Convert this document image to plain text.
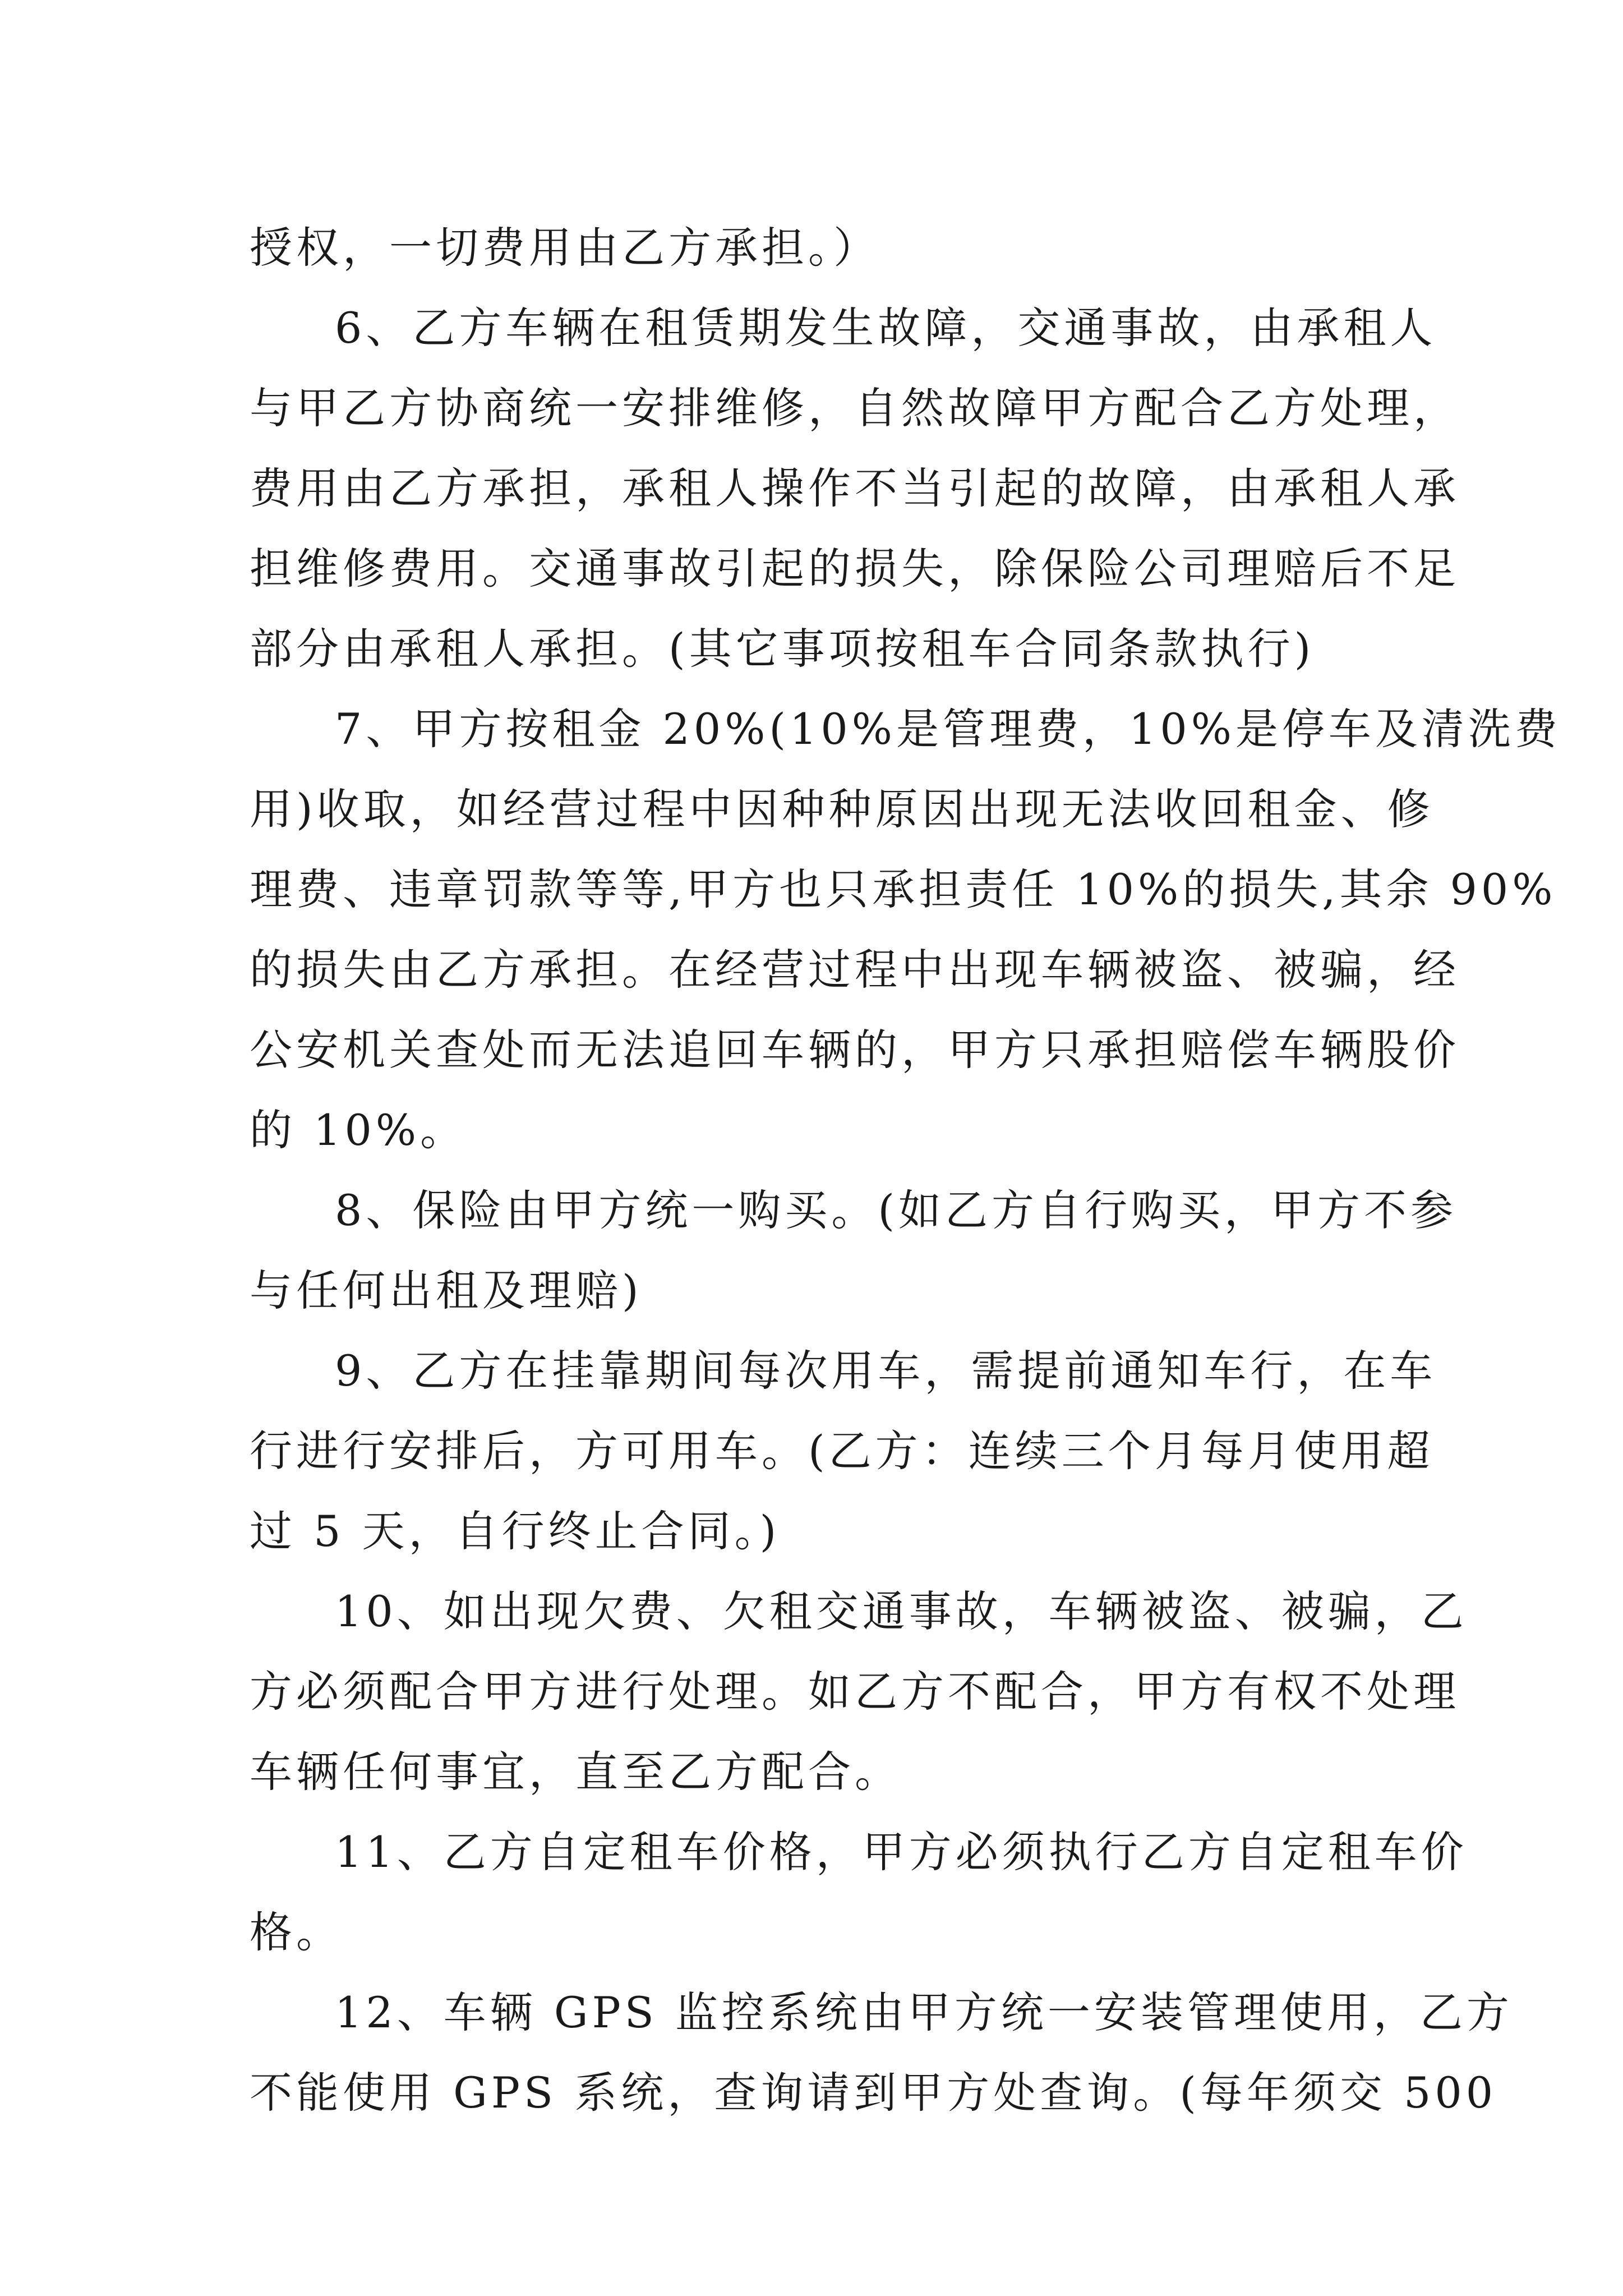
授权，一切费用由乙方承担。）
6、乙方车辆在租赁期发生故障，交通事故，由承租人
与甲乙方协商统一安排维修，自然故障甲方配合乙方处理，
费用由乙方承担，承租人操作不当引起的故障，由承租人承
担维修费用。交通事故引起的损失，除保险公司理赔后不足
部分由承租人承担。(其它事项按租车合同条款执行)
7、甲方按租金 20%(10%是管理费，10%是停车及清洗费
用)收取，如经营过程中因种种原因出现无法收回租金、修
理费、违章罚款等等,甲方也只承担责任 10%的损失,其余 90%
的损失由乙方承担。在经营过程中出现车辆被盗、被骗，经
公安机关查处而无法追回车辆的，甲方只承担赔偿车辆股价
的 10%。
8、保险由甲方统一购买。(如乙方自行购买，甲方不参
与任何出租及理赔)
9、乙方在挂靠期间每次用车，需提前通知车行，在车
行进行安排后，方可用车。(乙方：连续三个月每月使用超
过 5 天，自行终止合同。)
10、如出现欠费、欠租交通事故，车辆被盗、被骗，乙
方必须配合甲方进行处理。如乙方不配合，甲方有权不处理
车辆任何事宜，直至乙方配合。
11、乙方自定租车价格，甲方必须执行乙方自定租车价
格。
12、车辆 GPS 监控系统由甲方统一安装管理使用，乙方
不能使用 GPS 系统，查询请到甲方处查询。(每年须交 500
